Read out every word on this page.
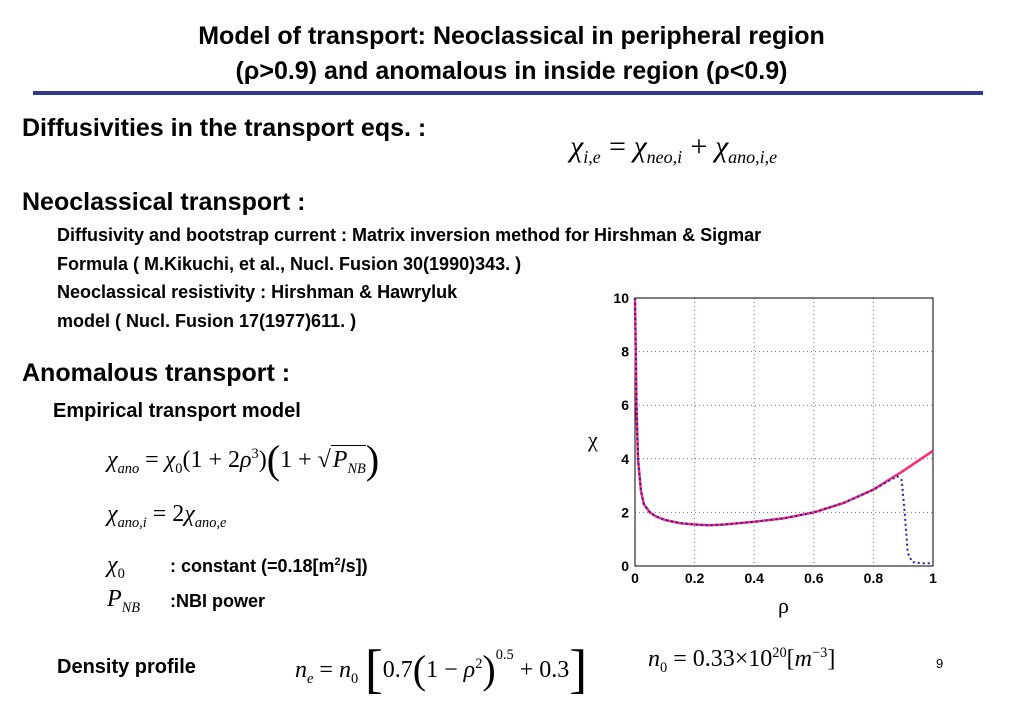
Model of transport: Neoclassical in peripheral region
(ρ>0.9) and anomalous in inside region (ρ<0.9)
Diffusivities in the transport eqs. :
$\chi_{i,e} = \chi_{neo,i} + \chi_{ano,i,e}$
Neoclassical transport :
Diffusivity and bootstrap current : Matrix inversion method for Hirshman & Sigmar
Formula ( M.Kikuchi, et al., Nucl. Fusion 30(1990)343. )
Neoclassical resistivity : Hirshman & Hawryluk
model ( Nucl. Fusion 17(1977)611. )
Anomalous transport :
Empirical transport model
$\chi_{ano} = \chi_0(1 + 2\rho^3)(1 + √P_{NB})$
$\chi_{ano,i} = 2\chi_{ano,e}$
$\chi_0$	: constant $(=0.18[m^2/s])$
$P_{NB}$ :NBI power
Density profile	$n_e = n_0$ $[0.7(1 - \rho^2)^{0.5} + 0.3]$	$n_0 = 0.33\times 10^{20}[m^{-3}]$	9
0	0.2	0.4	0.6	0.8	1
0
2
4
6
8
10
χ
ρ
